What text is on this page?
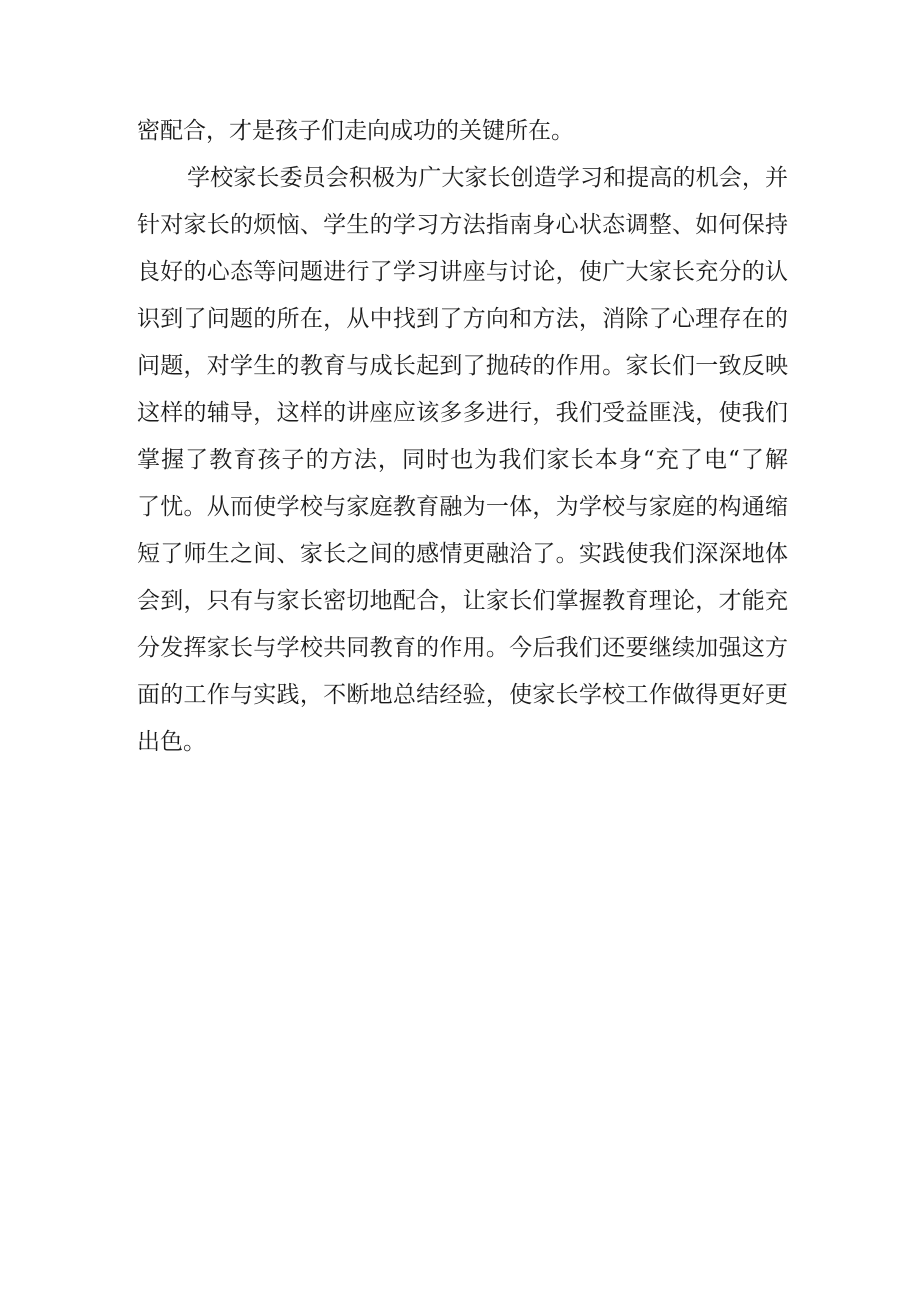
密配合，才是孩子们走向成功的关键所在。
学校家长委员会积极为广大家长创造学习和提高的机会，并
针对家长的烦恼、学生的学习方法指南身心状态调整、如何保持
良好的心态等问题进行了学习讲座与讨论，使广大家长充分的认
识到了问题的所在，从中找到了方向和方法，消除了心理存在的
问题，对学生的教育与成长起到了抛砖的作用。家长们一致反映
这样的辅导，这样的讲座应该多多进行，我们受益匪浅，使我们
掌握了教育孩子的方法，同时也为我们家长本身“充了电“了解
了忧。从而使学校与家庭教育融为一体，为学校与家庭的构通缩
短了师生之间、家长之间的感情更融洽了。实践使我们深深地体
会到，只有与家长密切地配合，让家长们掌握教育理论，才能充
分发挥家长与学校共同教育的作用。今后我们还要继续加强这方
面的工作与实践，不断地总结经验，使家长学校工作做得更好更
出色。
